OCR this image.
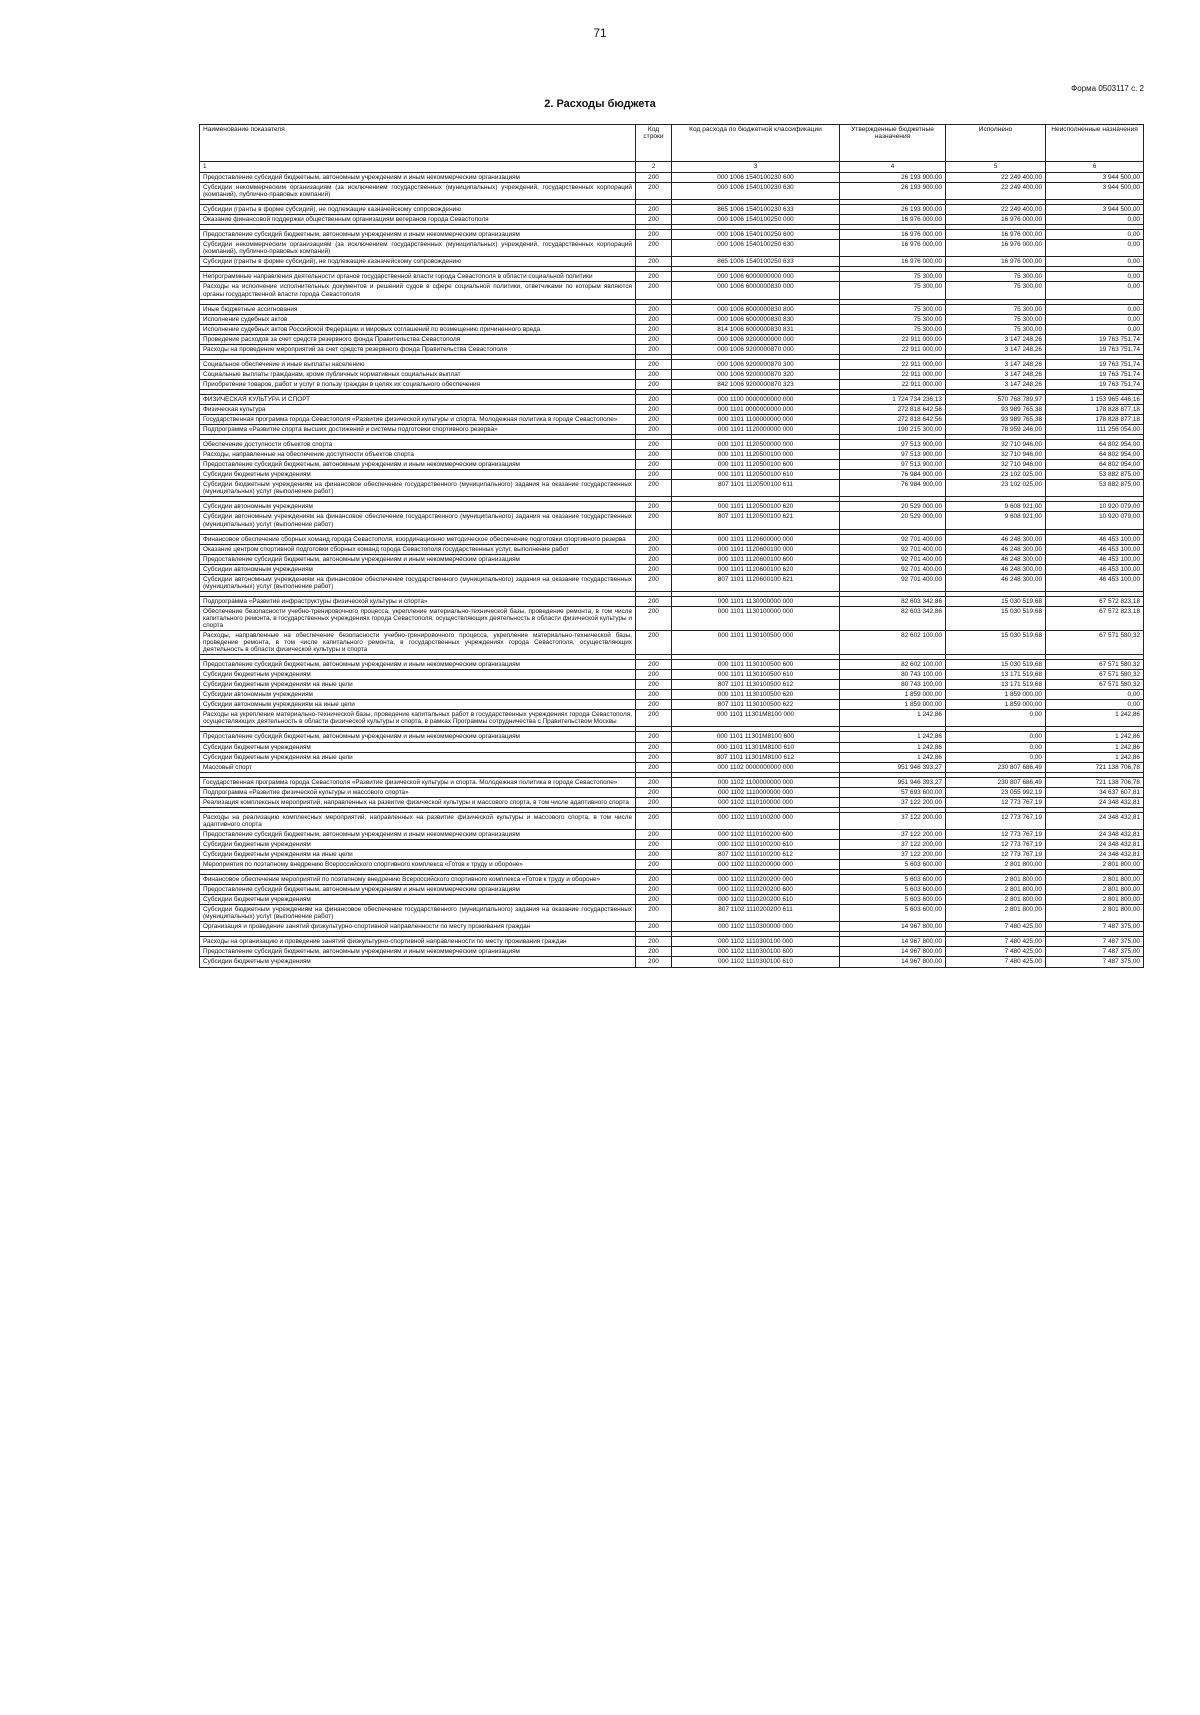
71
Форма 0503117 с. 2
2. Расходы бюджета
Наименование показателя	Код строки	Код расхода по бюджетной классификации	Утвержденные бюджетные назначения	Исполнено	Неисполненные назначения
1	2	3	4	5	6
Предоставление субсидий бюджетным, автономным учреждениям и иным некоммерческим организациям	200	000 1006 1540100230 600	26 193 900,00	22 249 400,00	3 944 500,00
Субсидии некоммерческим организациям (за исключением государственных (муниципальных) учреждений, государственных корпораций (компаний), публично-правовых компаний)	200	000 1006 1540100230 630	26 193 900,00	22 249 400,00	3 944 500,00

Субсидии (гранты в форме субсидий), не подлежащие казначейскому сопровождению	200	865 1006 1540100230 633	26 193 900,00	22 249 400,00	3 944 500,00
Оказание финансовой поддержки общественным организациям ветеранов города Севастополя	200	000 1006 1540100250 000	16 976 000,00	16 976 000,00	0,00

Предоставление субсидий бюджетным, автономным учреждениям и иным некоммерческим организациям	200	000 1006 1540100250 600	16 976 000,00	16 976 000,00	0,00
Субсидии некоммерческим организациям (за исключением государственных (муниципальных) учреждений, государственных корпораций (компаний), публично-правовых компаний)	200	000 1006 1540100250 630	16 976 000,00	16 976 000,00	0,00
Субсидии (гранты в форме субсидий), не подлежащие казначейскому сопровождению	200	865 1006 1540100250 633	16 976 000,00	16 976 000,00	0,00

Непрограммные направления деятельности органов государственной власти города Севастополя в области социальной политики	200	000 1006 6000000000 000	75 300,00	75 300,00	0,00
Расходы на исполнение исполнительных документов и решений судов в сфере социальной политики, ответчиками по которым являются органы государственной власти города Севастополя	200	000 1006 6000000830 000	75 300,00	75 300,00	0,00

Иные бюджетные ассигнования	200	000 1006 6000000830 800	75 300,00	75 300,00	0,00
Исполнение судебных актов	200	000 1006 6000000830 830	75 300,00	75 300,00	0,00
Исполнение судебных актов Российской Федерации и мировых соглашений по возмещению причиненного вреда	200	814 1006 6000000830 831	75 300,00	75 300,00	0,00
Проведение расходов за счет средств резервного фонда Правительства Севастополя	200	000 1006 9200000000 000	22 911 000,00	3 147 248,26	19 763 751,74
Расходы на проведение мероприятий за счет средств резервного фонда Правительства Севастополя	200	000 1006 9200000870 000	22 911 000,00	3 147 248,26	19 763 751,74

Социальное обеспечение и иные выплаты населению	200	000 1006 9200000870 300	22 911 000,00	3 147 248,26	19 763 751,74
Социальные выплаты гражданам, кроме публичных нормативных социальных выплат	200	000 1006 9200000870 320	22 911 000,00	3 147 248,26	19 763 751,74
Приобретение товаров, работ и услуг в пользу граждан в целях их социального обеспечения	200	842 1006 9200000870 323	22 911 000,00	3 147 248,26	19 763 751,74

ФИЗИЧЕСКАЯ КУЛЬТУРА И СПОРТ	200	000 1100 0000000000 000	1 724 734 236,13	570 768 789,97	1 153 965 446,16
Физическая культура	200	000 1101 0000000000 000	272 818 642,56	93 989 765,38	178 828 877,18
Государственная программа города Севастополя «Развитие физической культуры и спорта. Молодежная политика в городе Севастополе»	200	000 1101 1100000000 000	272 818 642,56	93 989 765,38	178 828 877,18
Подпрограмма «Развитие спорта высших достижений и системы подготовки спортивного резерва»	200	000 1101 1120000000 000	190 215 300,00	78 959 246,00	111 256 054,00

Обеспечение доступности объектов спорта	200	000 1101 1120500000 000	97 513 900,00	32 710 946,00	64 802 954,00
Расходы, направленные на обеспечение доступности объектов спорта	200	000 1101 1120500100 000	97 513 900,00	32 710 946,00	64 802 954,00
Предоставление субсидий бюджетным, автономным учреждениям и иным некоммерческим организациям	200	000 1101 1120500100 600	97 513 900,00	32 710 946,00	64 802 954,00
Субсидии бюджетным учреждениям	200	000 1101 1120500100 610	76 984 900,00	23 102 025,00	53 882 875,00
Субсидии бюджетным учреждениям на финансовое обеспечение государственного (муниципального) задания на оказание государственных (муниципальных) услуг (выполнение работ)	200	807 1101 1120500100 611	76 984 900,00	23 102 025,00	53 882 875,00

Субсидии автономным учреждениям	200	000 1101 1120500100 620	20 529 000,00	9 608 921,00	10 920 079,00
Субсидии автономным учреждениям на финансовое обеспечение государственного (муниципального) задания на оказание государственных (муниципальных) услуг (выполнение работ)	200	807 1101 1120500100 621	20 529 000,00	9 608 921,00	10 920 079,00

Финансовое обеспечение сборных команд города Севастополя, координационно методическое обеспечение подготовки спортивного резерва	200	000 1101 1120600000 000	92 701 400,00	46 248 300,00	46 453 100,00
Оказание центром спортивной подготовки сборных команд города Севастополя государственных услуг, выполнение работ	200	000 1101 1120600100 000	92 701 400,00	46 248 300,00	46 453 100,00
Предоставление субсидий бюджетным, автономным учреждениям и иным некоммерческим организациям	200	000 1101 1120600100 600	92 701 400,00	46 248 300,00	46 453 100,00
Субсидии автономным учреждениям	200	000 1101 1120600100 620	92 701 400,00	46 248 300,00	46 453 100,00
Субсидии автономным учреждениям на финансовое обеспечение государственного (муниципального) задания на оказание государственных (муниципальных) услуг (выполнение работ)	200	807 1101 1120600100 621	92 701 400,00	46 248 300,00	46 453 100,00

Подпрограмма «Развитие инфраструктуры физической культуры и спорта»	200	000 1101 1130000000 000	82 603 342,86	15 030 519,68	67 572 823,18
Обеспечение безопасности учебно-тренировочного процесса, укрепление материально-технической базы, проведение ремонта, в том числе капитального ремонта, в государственных учреждениях города Севастополя, осуществляющих деятельность в области физической культуры и спорта	200	000 1101 1130100000 000	82 603 342,86	15 030 519,68	67 572 823,18
Расходы, направленные на обеспечение безопасности учебно-тренировочного процесса, укрепление материально-технической базы, проведение ремонта, в том числе капитального ремонта, в государственных учреждениях города Севастополя, осуществляющих деятельность в области физической культуры и спорта	200	000 1101 1130100500 000	82 602 100,00	15 030 519,68	67 571 580,32

Предоставление субсидий бюджетным, автономным учреждениям и иным некоммерческим организациям	200	000 1101 1130100500 600	82 602 100,00	15 030 519,68	67 571 580,32
Субсидии бюджетным учреждениям	200	000 1101 1130100500 610	80 743 100,00	13 171 519,68	67 571 580,32
Субсидии бюджетным учреждениям на иные цели	200	807 1101 1130100500 612	80 743 100,00	13 171 519,68	67 571 580,32
Субсидии автономным учреждениям	200	000 1101 1130100500 620	1 859 000,00	1 859 000,00	0,00
Субсидии автономным учреждениям на иные цели	200	807 1101 1130100500 622	1 859 000,00	1 859 000,00	0,00
Расходы на укрепление материально-технической базы, проведение капитальных работ в государственных учреждениях города Севастополя, осуществляющих деятельность в области физической культуры и спорта, в рамках Программы сотрудничества с Правительством Москвы	200	000 1101 11301М8100 000	1 242,86	0,00	1 242,86

Предоставление субсидий бюджетным, автономным учреждениям и иным некоммерческим организациям	200	000 1101 11301М8100 600	1 242,86	0,00	1 242,86
Субсидии бюджетным учреждениям	200	000 1101 11301М8100 610	1 242,86	0,00	1 242,86
Субсидии бюджетным учреждениям на иные цели	200	807 1101 11301М8100 612	1 242,86	0,00	1 242,86
Массовый спорт	200	000 1102 0000000000 000	951 946 393,27	230 807 686,49	721 138 706,78

Государственная программа города Севастополя «Развитие физической культуры и спорта. Молодежная политика в городе Севастополе»	200	000 1102 1100000000 000	951 946 393,27	230 807 686,49	721 138 706,78
Подпрограмма «Развитие физической культуры и массового спорта»	200	000 1102 1110000000 000	57 693 600,00	23 055 992,19	34 637 607,81
Реализация комплексных мероприятий, направленных на развитие физической культуры и массового спорта, в том числе адаптивного спорта	200	000 1102 1110100000 000	37 122 200,00	12 773 767,19	24 348 432,81

Расходы на реализацию комплексных мероприятий, направленных на развитие физической культуры и массового спорта, в том числе адаптивного спорта	200	000 1102 1110100200 000	37 122 200,00	12 773 767,19	24 348 432,81
Предоставление субсидий бюджетным, автономным учреждениям и иным некоммерческим организациям	200	000 1102 1110100200 600	37 122 200,00	12 773 767,19	24 348 432,81
Субсидии бюджетным учреждениям	200	000 1102 1110100200 610	37 122 200,00	12 773 767,19	24 348 432,81
Субсидии бюджетным учреждениям на иные цели	200	807 1102 1110100200 612	37 122 200,00	12 773 767,19	24 348 432,81
Мероприятия по поэтапному внедрению Всероссийского спортивного комплекса «Готов к труду и обороне»	200	000 1102 1110200000 000	5 603 600,00	2 801 800,00	2 801 800,00

Финансовое обеспечение мероприятий по поэтапному внедрению Всероссийского спортивного комплекса «Готов к труду и обороне»	200	000 1102 1110200200 000	5 603 600,00	2 801 800,00	2 801 800,00
Предоставление субсидий бюджетным, автономным учреждениям и иным некоммерческим организациям	200	000 1102 1110200200 600	5 603 600,00	2 801 800,00	2 801 800,00
Субсидии бюджетным учреждениям	200	000 1102 1110200200 610	5 603 600,00	2 801 800,00	2 801 800,00
Субсидии бюджетным учреждениям на финансовое обеспечение государственного (муниципального) задания на оказание государственных (муниципальных) услуг (выполнение работ)	200	807 1102 1110200200 611	5 603 600,00	2 801 800,00	2 801 800,00
Организация и проведение занятий физкультурно-спортивной направленности по месту проживания граждан	200	000 1102 1110300000 000	14 967 800,00	7 480 425,00	7 487 375,00

Расходы на организацию и проведение занятий физкультурно-спортивной направленности по месту проживания граждан	200	000 1102 1110300100 000	14 967 800,00	7 480 425,00	7 487 375,00
Предоставление субсидий бюджетным, автономным учреждениям и иным некоммерческим организациям	200	000 1102 1110300100 600	14 967 800,00	7 480 425,00	7 487 375,00
Субсидии бюджетным учреждениям	200	000 1102 1110300100 610	14 967 800,00	7 480 425,00	7 487 375,00
